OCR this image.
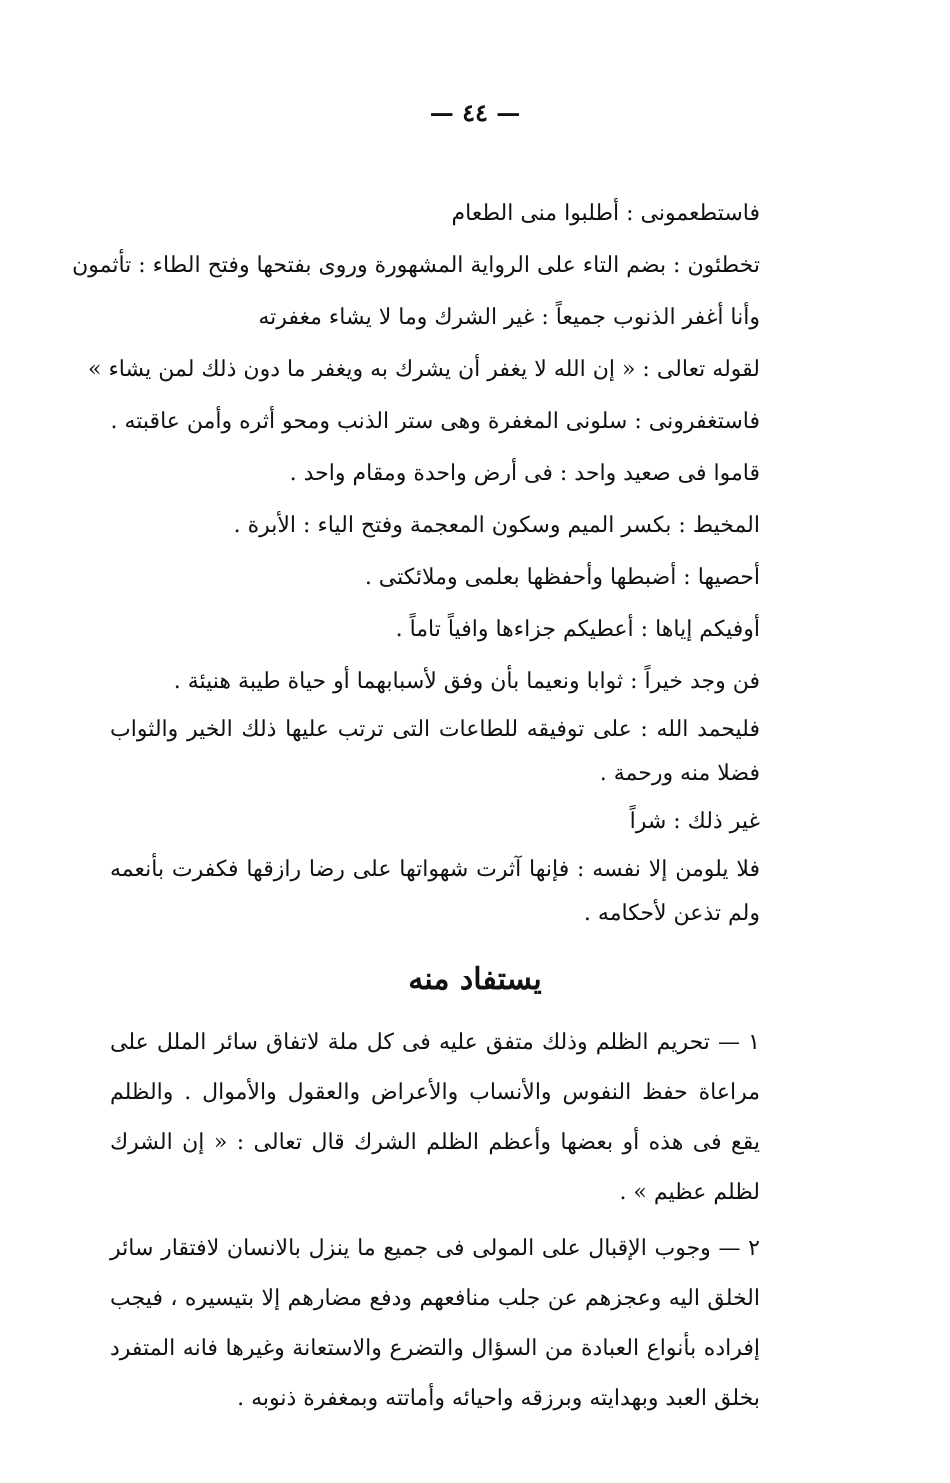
— ٤٤ —
فاستطعمونى : أطلبوا منى الطعام
تخطئون : بضم التاء على الرواية المشهورة وروى بفتحها وفتح الطاء : تأثمون
وأنا أغفر الذنوب جميعاً : غير الشرك وما لا يشاء مغفرته
لقوله تعالى : « إن الله لا يغفر أن يشرك به ويغفر ما دون ذلك لمن يشاء »
فاستغفرونى : سلونى المغفرة وهى ستر الذنب ومحو أثره وأمن عاقبته .
قاموا فى صعيد واحد : فى أرض واحدة ومقام واحد .
المخيط : بكسر الميم وسكون المعجمة وفتح الياء : الأبرة .
أحصيها : أضبطها وأحفظها بعلمى وملائكتى .
أوفيكم إياها : أعطيكم جزاءها وافياً تاماً .
فن وجد خيراً : ثوابا ونعيما بأن وفق لأسبابهما أو حياة طيبة هنيئة .
فليحمد الله : على توفيقه للطاعات التى ترتب عليها ذلك الخير والثواب فضلا منه ورحمة .
غير ذلك : شراً
فلا يلومن إلا نفسه : فإنها آثرت شهواتها على رضا رازقها فكفرت بأنعمه ولم تذعن لأحكامه .
يستفاد منه
١ — تحريم الظلم وذلك متفق عليه فى كل ملة لاتفاق سائر الملل على مراعاة حفظ النفوس والأنساب والأعراض والعقول والأموال . والظلم يقع فى هذه أو بعضها وأعظم الظلم الشرك قال تعالى : « إن الشرك لظلم عظيم » .
٢ — وجوب الإقبال على المولى فى جميع ما ينزل بالانسان لافتقار سائر الخلق اليه وعجزهم عن جلب منافعهم ودفع مضارهم إلا بتيسيره ، فيجب إفراده بأنواع العبادة من السؤال والتضرع والاستعانة وغيرها فانه المتفرد بخلق العبد وبهدايته وبرزقه واحيائه وأماتته وبمغفرة ذنوبه .
